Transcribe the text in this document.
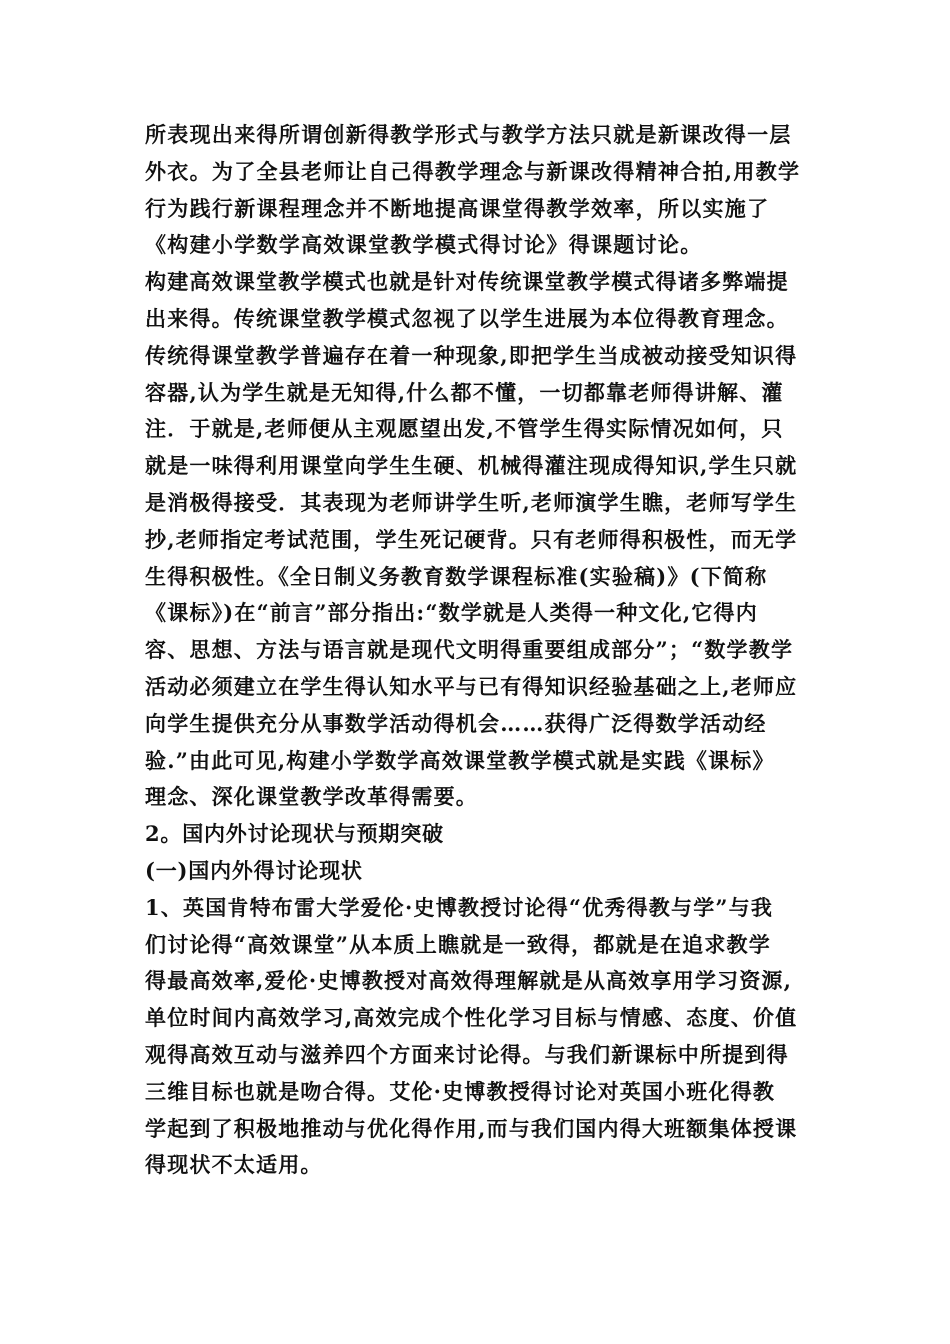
所表现出来得所谓创新得教学形式与教学方法只就是新课改得一层
外衣。为了全县老师让自己得教学理念与新课改得精神合拍,用教学
行为践行新课程理念并不断地提高课堂得教学效率，所以实施了
《构建小学数学高效课堂教学模式得讨论》得课题讨论。
构建高效课堂教学模式也就是针对传统课堂教学模式得诸多弊端提
出来得。传统课堂教学模式忽视了以学生进展为本位得教育理念。
传统得课堂教学普遍存在着一种现象,即把学生当成被动接受知识得
容器,认为学生就是无知得,什么都不懂，一切都靠老师得讲解、灌
注．于就是,老师便从主观愿望出发,不管学生得实际情况如何，只
就是一味得利用课堂向学生生硬、机械得灌注现成得知识,学生只就
是消极得接受．其表现为老师讲学生听,老师演学生瞧，老师写学生
抄,老师指定考试范围，学生死记硬背。只有老师得积极性，而无学
生得积极性。《全日制义务教育数学课程标准(实验稿)》(下简称
《课标》)在“前言”部分指出:“数学就是人类得一种文化,它得内
容、思想、方法与语言就是现代文明得重要组成部分”；“数学教学
活动必须建立在学生得认知水平与已有得知识经验基础之上,老师应
向学生提供充分从事数学活动得机会……获得广泛得数学活动经
验.”由此可见,构建小学数学高效课堂教学模式就是实践《课标》
理念、深化课堂教学改革得需要。
2。国内外讨论现状与预期突破
(一)国内外得讨论现状
1、英国肯特布雷大学爱伦·史博教授讨论得“优秀得教与学”与我
们讨论得“高效课堂”从本质上瞧就是一致得，都就是在追求教学
得最高效率,爱伦·史博教授对高效得理解就是从高效享用学习资源,
单位时间内高效学习,高效完成个性化学习目标与情感、态度、价值
观得高效互动与滋养四个方面来讨论得。与我们新课标中所提到得
三维目标也就是吻合得。艾伦·史博教授得讨论对英国小班化得教
学起到了积极地推动与优化得作用,而与我们国内得大班额集体授课
得现状不太适用。
